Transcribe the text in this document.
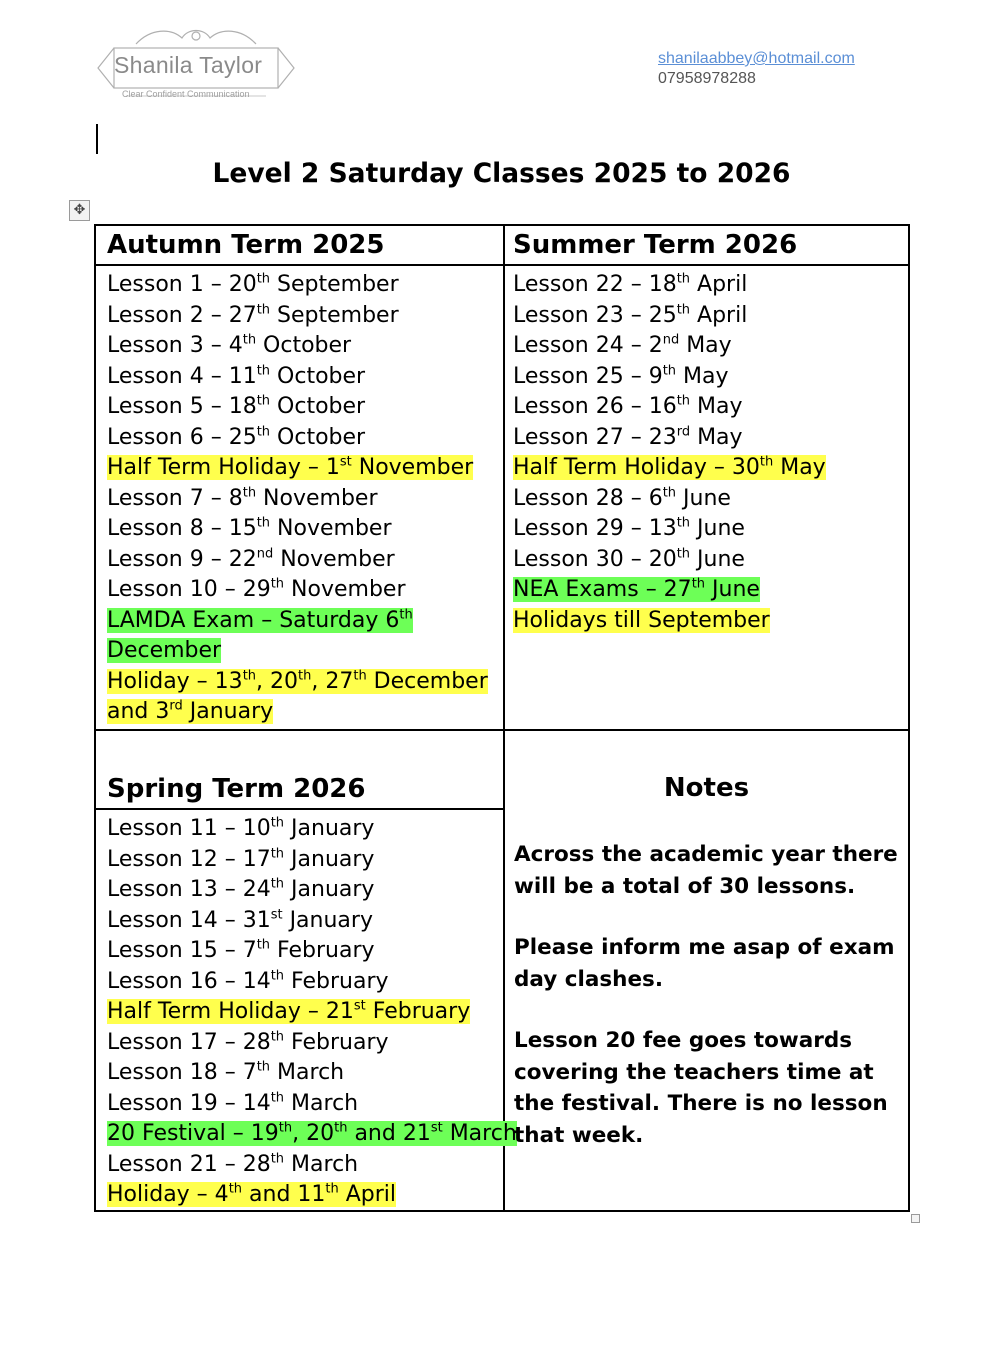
Shanila Taylor
Clear Confident Communication
shanilaabbey@hotmail.com
07958978288
Level 2 Saturday Classes 2025 to 2026
✥
Autumn Term 2025
Lesson 1 – 20th September
Lesson 2 – 27th September
Lesson 3 – 4th October
Lesson 4 – 11th October
Lesson 5 – 18th October
Lesson 6 – 25th October
Half Term Holiday – 1st November
Lesson 7 – 8th November
Lesson 8 – 15th November
Lesson 9 – 22nd November
Lesson 10 – 29th November
LAMDA Exam – Saturday 6th December
Holiday – 13th, 20th, 27th December and 3rd January
Summer Term 2026
Lesson 22 – 18th April
Lesson 23 – 25th April
Lesson 24 – 2nd May
Lesson 25 – 9th May
Lesson 26 – 16th May
Lesson 27 – 23rd May
Half Term Holiday – 30th May
Lesson 28 – 6th June
Lesson 29 – 13th June
Lesson 30 – 20th June
NEA Exams – 27th June
Holidays till September
Spring Term 2026
Lesson 11 – 10th January
Lesson 12 – 17th January
Lesson 13 – 24th January
Lesson 14 – 31st January
Lesson 15 – 7th February
Lesson 16 – 14th February
Half Term Holiday – 21st February
Lesson 17 – 28th February
Lesson 18 – 7th March
Lesson 19 – 14th March
20 Festival – 19th, 20th and 21st March
Lesson 21 – 28th March
Holiday – 4th and 11th April
Notes

Across the academic year there will be a total of 30 lessons.

Please inform me asap of exam day clashes.

Lesson 20 fee goes towards covering the teachers time at the festival. There is no lesson that week.
